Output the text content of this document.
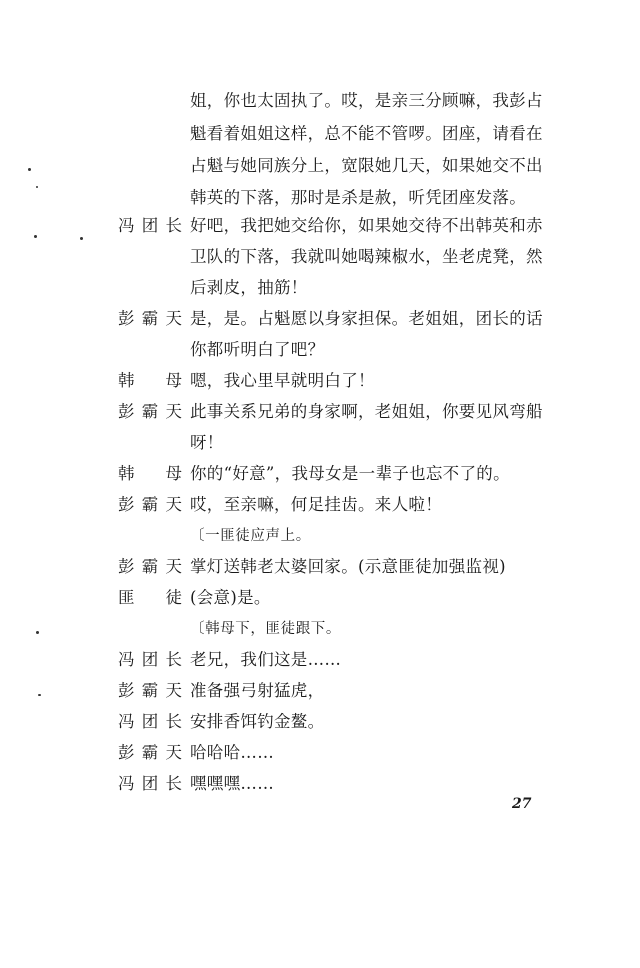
姐，你也太固执了。哎，是亲三分顾嘛，我彭占
魁看着姐姐这样，总不能不管啰。团座，请看在
占魁与她同族分上，宽限她几天，如果她交不出
韩英的下落，那时是杀是赦，听凭团座发落。
冯团长 好吧，我把她交给你，如果她交待不出韩英和赤
卫队的下落，我就叫她喝辣椒水，坐老虎凳，然
后剥皮，抽筋！
彭霸天 是，是。占魁愿以身家担保。老姐姐，团长的话
你都听明白了吧？
韩母 嗯，我心里早就明白了！
彭霸天 此事关系兄弟的身家啊，老姐姐，你要见风弯船
呀！
韩母 你的“好意”，我母女是一辈子也忘不了的。
彭霸天 哎，至亲嘛，何足挂齿。来人啦！
〔一匪徒应声上。
彭霸天 掌灯送韩老太婆回家。(示意匪徒加强监视)
匪徒 (会意)是。
〔韩母下，匪徒跟下。
冯团长 老兄，我们这是……
彭霸天 准备强弓射猛虎，
冯团长 安排香饵钓金鳌。
彭霸天 哈哈哈……
冯团长 嘿嘿嘿……
27
